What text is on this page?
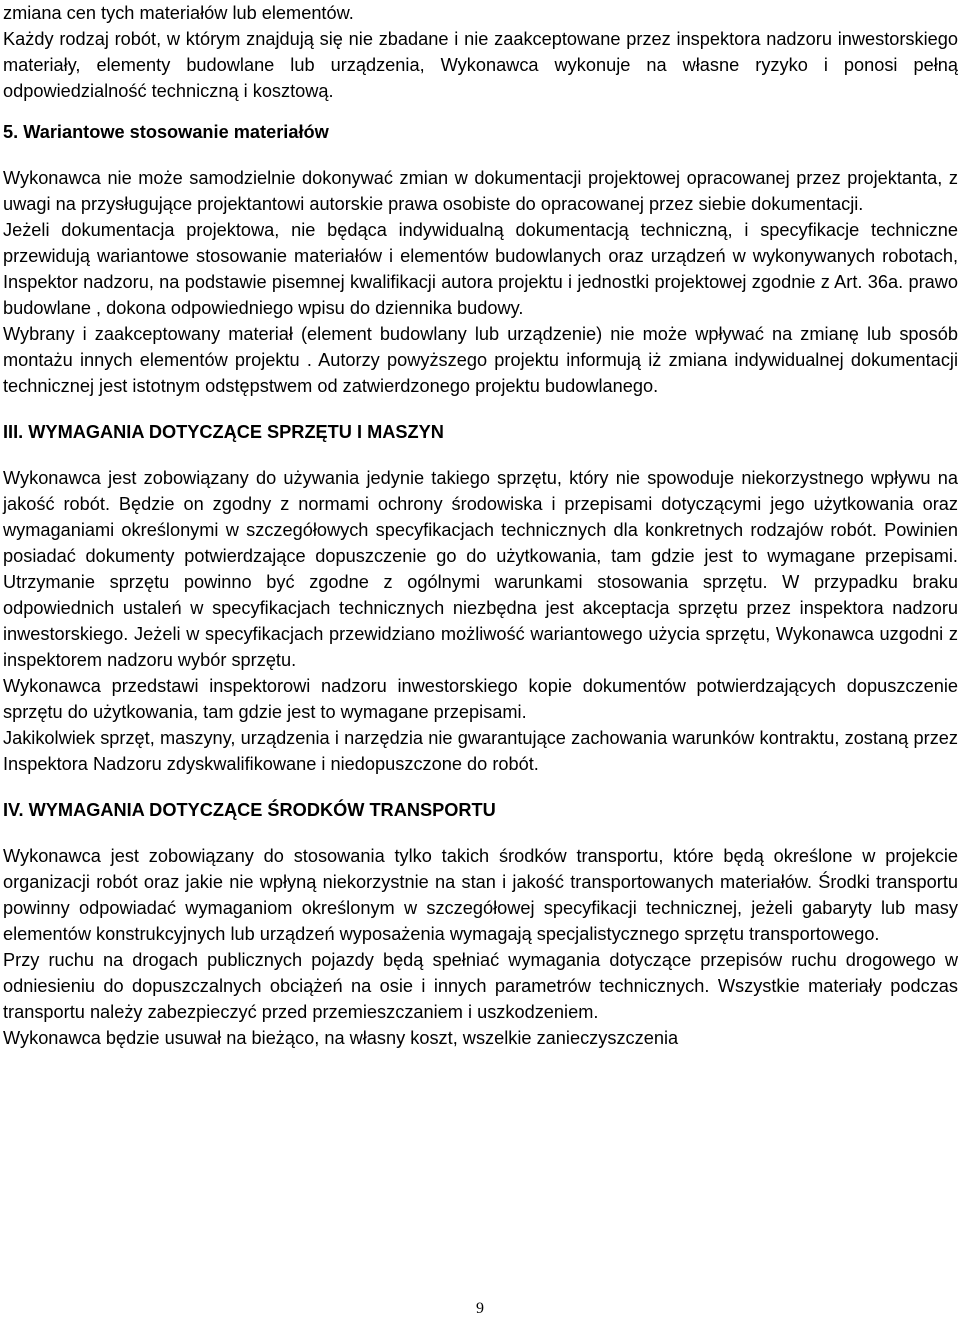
zmiana cen tych materiałów lub elementów.

Każdy rodzaj robót, w którym znajdują się nie zbadane i nie zaakceptowane przez inspektora nadzoru inwestorskiego materiały, elementy budowlane lub urządzenia, Wykonawca wykonuje na własne ryzyko i ponosi pełną odpowiedzialność techniczną i kosztową.

5. Wariantowe stosowanie materiałów

Wykonawca nie może samodzielnie dokonywać zmian w dokumentacji projektowej opracowanej przez projektanta, z uwagi na przysługujące projektantowi autorskie prawa osobiste do opracowanej przez siebie dokumentacji.

Jeżeli dokumentacja projektowa, nie będąca indywidualną dokumentacją techniczną, i specyfikacje techniczne przewidują wariantowe stosowanie materiałów i elementów budowlanych oraz urządzeń w wykonywanych robotach, Inspektor nadzoru, na podstawie pisemnej kwalifikacji autora projektu i jednostki projektowej zgodnie z Art. 36a. prawo budowlane , dokona odpowiedniego wpisu do dziennika budowy.

Wybrany i zaakceptowany materiał (element budowlany lub urządzenie) nie może wpływać na zmianę lub sposób montażu innych elementów projektu . Autorzy powyższego projektu informują iż zmiana indywidualnej dokumentacji technicznej jest istotnym odstępstwem od zatwierdzonego projektu budowlanego.

III. WYMAGANIA DOTYCZĄCE SPRZĘTU I MASZYN

Wykonawca jest zobowiązany do używania jedynie takiego sprzętu, który nie spowoduje niekorzystnego wpływu na jakość robót. Będzie on zgodny z normami ochrony środowiska i przepisami dotyczącymi jego użytkowania oraz wymaganiami określonymi w szczegółowych specyfikacjach technicznych dla konkretnych rodzajów robót. Powinien posiadać dokumenty potwierdzające dopuszczenie go do użytkowania, tam gdzie jest to wymagane przepisami. Utrzymanie sprzętu powinno być zgodne z ogólnymi warunkami stosowania sprzętu. W przypadku braku odpowiednich ustaleń w specyfikacjach technicznych niezbędna jest akceptacja sprzętu przez inspektora nadzoru inwestorskiego. Jeżeli w specyfikacjach przewidziano możliwość wariantowego użycia sprzętu, Wykonawca uzgodni z inspektorem nadzoru wybór sprzętu.

Wykonawca przedstawi inspektorowi nadzoru inwestorskiego kopie dokumentów potwierdzających dopuszczenie sprzętu do użytkowania, tam gdzie jest to wymagane przepisami.

Jakikolwiek sprzęt, maszyny, urządzenia i narzędzia nie gwarantujące zachowania warunków kontraktu, zostaną przez Inspektora Nadzoru zdyskwalifikowane i niedopuszczone do robót.

IV. WYMAGANIA DOTYCZĄCE ŚRODKÓW TRANSPORTU

Wykonawca jest zobowiązany do stosowania tylko takich środków transportu, które będą określone w projekcie organizacji robót oraz jakie nie wpłyną niekorzystnie na stan i jakość transportowanych materiałów. Środki transportu powinny odpowiadać wymaganiom określonym w szczegółowej specyfikacji technicznej, jeżeli gabaryty lub masy elementów konstrukcyjnych lub urządzeń wyposażenia wymagają specjalistycznego sprzętu transportowego.

Przy ruchu na drogach publicznych pojazdy będą spełniać wymagania dotyczące przepisów ruchu drogowego w odniesieniu do dopuszczalnych obciążeń na osie i innych parametrów technicznych. Wszystkie materiały podczas transportu należy zabezpieczyć przed przemieszczaniem i uszkodzeniem.

Wykonawca będzie usuwał na bieżąco, na własny koszt, wszelkie zanieczyszczenia

9
